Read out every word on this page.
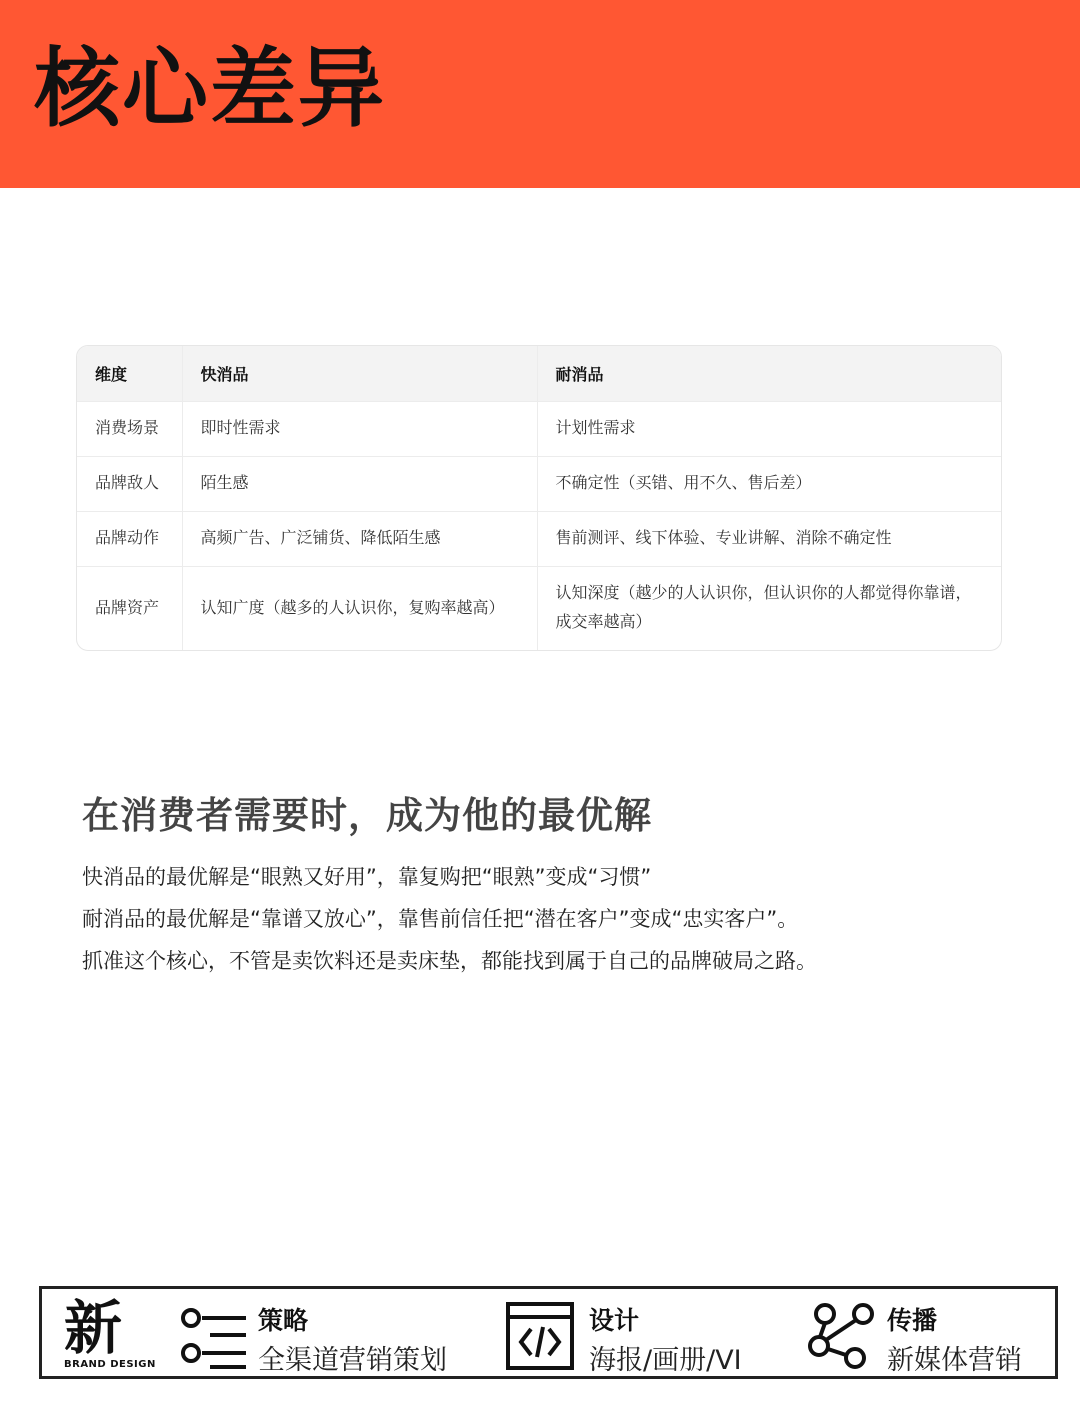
核心差异
维度	快消品	耐消品
消费场景	即时性需求	计划性需求
品牌敌人	陌生感	不确定性（买错、用不久、售后差）
品牌动作	高频广告、广泛铺货、降低陌生感	售前测评、线下体验、专业讲解、消除不确定性
品牌资产	认知广度（越多的人认识你，复购率越高）	认知深度（越少的人认识你，但认识你的人都觉得你靠谱，成交率越高）
在消费者需要时，成为他的最优解
快消品的最优解是“眼熟又好用”，靠复购把“眼熟”变成“习惯”
耐消品的最优解是“靠谱又放心”，靠售前信任把“潜在客户”变成“忠实客户”。
抓准这个核心，不管是卖饮料还是卖床垫，都能找到属于自己的品牌破局之路。
新
BRAND DESIGN
策略
全渠道营销策划
设计
海报/画册/VI
传播
新媒体营销
